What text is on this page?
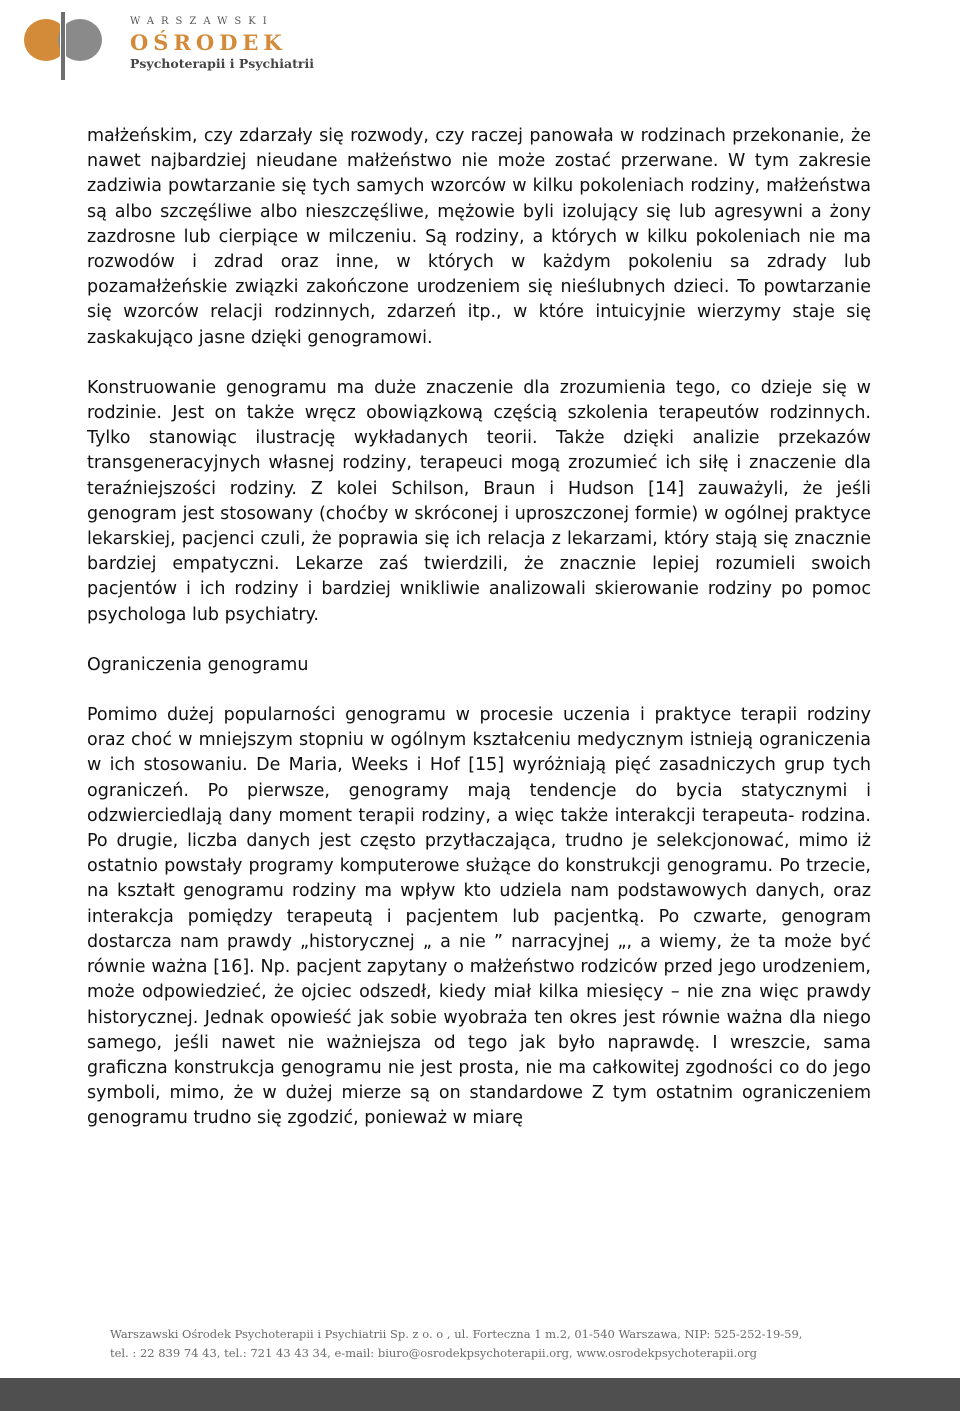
WARSZAWSKI
OŚRODEK
Psychoterapii i Psychiatrii

małżeńskim, czy zdarzały się rozwody, czy raczej panowała w rodzinach przekonanie, że nawet najbardziej nieudane małżeństwo nie może zostać przerwane. W tym zakresie zadziwia powtarzanie się tych samych wzorców w kilku pokoleniach rodziny, małżeństwa są albo szczęśliwe albo nieszczęśliwe, mężowie byli izolujący się lub agresywni a żony zazdrosne lub cierpiące w milczeniu. Są rodziny, a których w kilku pokoleniach nie ma rozwodów i zdrad oraz inne, w których w każdym pokoleniu sa zdrady lub pozamałżeńskie związki zakończone urodzeniem się nieślubnych dzieci. To powtarzanie się wzorców relacji rodzinnych, zdarzeń itp., w które intuicyjnie wierzymy staje się zaskakująco jasne dzięki genogramowi.

Konstruowanie genogramu ma duże znaczenie dla zrozumienia tego, co dzieje się w rodzinie. Jest on także wręcz obowiązkową częścią szkolenia terapeutów rodzinnych. Tylko stanowiąc ilustrację wykładanych teorii. Także dzięki analizie przekazów transgeneracyjnych własnej rodziny, terapeuci mogą zrozumieć ich siłę i znaczenie dla teraźniejszości rodziny. Z kolei Schilson, Braun i Hudson [14] zauważyli, że jeśli genogram jest stosowany (choćby w skróconej i uproszczonej formie) w ogólnej praktyce lekarskiej, pacjenci czuli, że poprawia się ich relacja z lekarzami, który stają się znacznie bardziej empatyczni. Lekarze zaś twierdzili, że znacznie lepiej rozumieli swoich pacjentów i ich rodziny i bardziej wnikliwie analizowali skierowanie rodziny po pomoc psychologa lub psychiatry.

Ograniczenia genogramu

Pomimo dużej popularności genogramu w procesie uczenia i praktyce terapii rodziny oraz choć w mniejszym stopniu w ogólnym kształceniu medycznym istnieją ograniczenia w ich stosowaniu. De Maria, Weeks i Hof [15] wyróżniają pięć zasadniczych grup tych ograniczeń. Po pierwsze, genogramy mają tendencje do bycia statycznymi i odzwierciedlają dany moment terapii rodziny, a więc także interakcji terapeuta- rodzina. Po drugie, liczba danych jest często przytłaczająca, trudno je selekcjonować, mimo iż ostatnio powstały programy komputerowe służące do konstrukcji genogramu. Po trzecie, na kształt genogramu rodziny ma wpływ kto udziela nam podstawowych danych, oraz interakcja pomiędzy terapeutą i pacjentem lub pacjentką. Po czwarte, genogram dostarcza nam prawdy „historycznej „ a nie ” narracyjnej „, a wiemy, że ta może być równie ważna [16]. Np. pacjent zapytany o małżeństwo rodziców przed jego urodzeniem, może odpowiedzieć, że ojciec odszedł, kiedy miał kilka miesięcy – nie zna więc prawdy historycznej. Jednak opowieść jak sobie wyobraża ten okres jest równie ważna dla niego samego, jeśli nawet nie ważniejsza od tego jak było naprawdę. I wreszcie, sama graficzna konstrukcja genogramu nie jest prosta, nie ma całkowitej zgodności co do jego symboli, mimo, że w dużej mierze są on standardowe Z tym ostatnim ograniczeniem genogramu trudno się zgodzić, ponieważ w miarę

Warszawski Ośrodek Psychoterapii i Psychiatrii Sp. z o. o , ul. Forteczna 1 m.2, 01-540 Warszawa, NIP: 525-252-19-59,
tel. : 22 839 74 43, tel.: 721 43 43 34, e-mail: biuro@osrodekpsychoterapii.org, www.osrodekpsychoterapii.org
